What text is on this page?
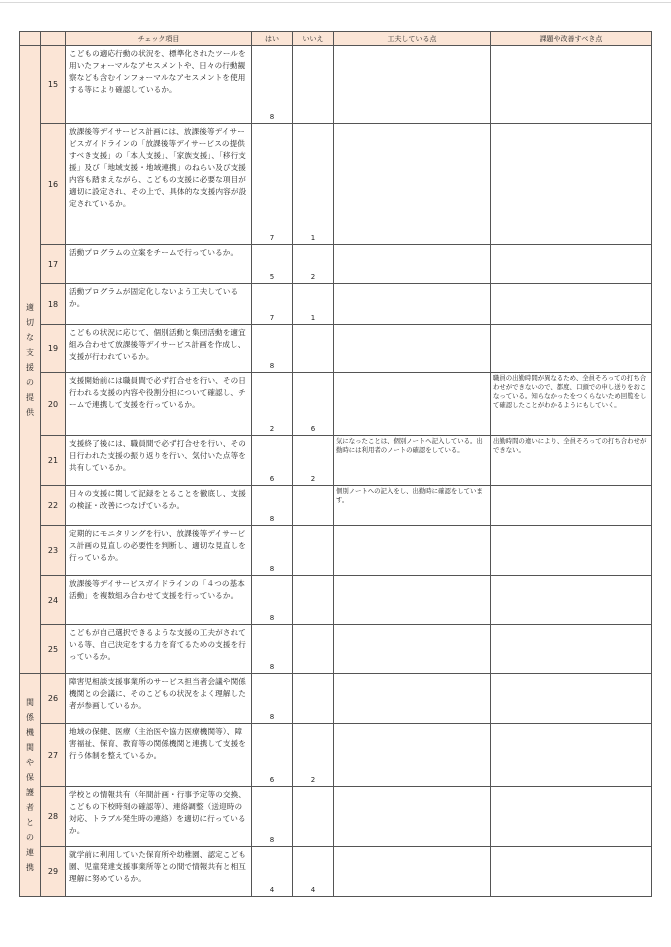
		チェック項目	はい	いいえ	工夫している点	課題や改善すべき点

適切な支援の提供	15	こどもの適応行動の状況を、標準化されたツールを用いたフォーマルなアセスメントや、日々の行動観察なども含むインフォーマルなアセスメントを使用する等により確認しているか。	8			
	16	放課後等デイサービス計画には、放課後等デイサービスガイドラインの「放課後等デイサービスの提供すべき支援」の「本人支援」、「家族支援」、「移行支援」及び「地域支援・地域連携」のねらい及び支援内容も踏まえながら、こどもの支援に必要な項目が適切に設定され、その上で、具体的な支援内容が設定されているか。	7	1		
	17	活動プログラムの立案をチームで行っているか。	5	2		
	18	活動プログラムが固定化しないよう工夫しているか。	7	1		
	19	こどもの状況に応じて、個別活動と集団活動を適宜組み合わせて放課後等デイサービス計画を作成し、支援が行われているか。	8			
	20	支援開始前には職員間で必ず打合せを行い、その日行われる支援の内容や役割分担について確認し、チームで連携して支援を行っているか。	2	6		職員の出勤時間が異なるため、全員そろっての打ち合わせができないので、都度、口頭での申し送りをおこなっている。知らなかったをつくらないため回覧をして確認したことがわかるようにもしていく。
	21	支援終了後には、職員間で必ず打合せを行い、その日行われた支援の振り返りを行い、気付いた点等を共有しているか。	6	2	気になったことは、個別ノートへ記入している。出勤時には利用者のノートの確認をしている。	出勤時間の違いにより、全員そろっての打ち合わせができない。
	22	日々の支援に関して記録をとることを徹底し、支援の検証・改善につなげているか。	8		個別ノートへの記入をし、出勤時に確認をしています。	
	23	定期的にモニタリングを行い、放課後等デイサービス計画の見直しの必要性を判断し、適切な見直しを行っているか。	8			
	24	放課後等デイサービスガイドラインの「４つの基本活動」を複数組み合わせて支援を行っているか。	8			
	25	こどもが自己選択できるような支援の工夫がされている等、自己決定をする力を育てるための支援を行っているか。	8			

関係機関や保護者との連携	26	障害児相談支援事業所のサービス担当者会議や関係機関との会議に、そのこどもの状況をよく理解した者が参画しているか。	8			
	27	地域の保健、医療（主治医や協力医療機関等）、障害福祉、保育、教育等の関係機関と連携して支援を行う体制を整えているか。	6	2		
	28	学校との情報共有（年間計画・行事予定等の交換、こどもの下校時刻の確認等）、連絡調整（送迎時の対応、トラブル発生時の連絡）を適切に行っているか。	8			
	29	就学前に利用していた保育所や幼稚園、認定こども園、児童発達支援事業所等との間で情報共有と相互理解に努めているか。	4	4		
